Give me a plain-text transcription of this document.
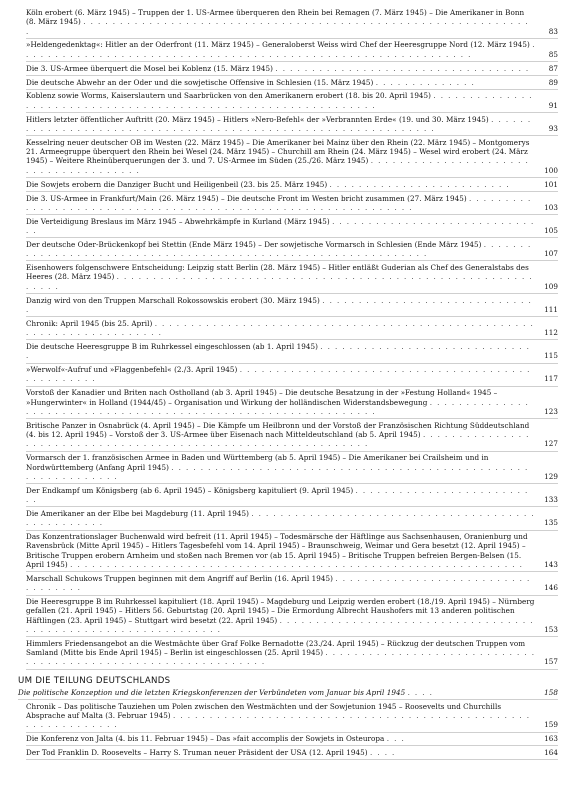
Köln erobert (6. März 1945) – Truppen der 1. US-Armee überqueren den Rhein bei Remagen (7. März 1945) – Die Amerikaner in Bonn (8. März 1945) . . . . . . . . . . . . . . . . . . . . . . . . . . . . . . . . . . . . . . . . . . . . . . . . . . . . . . . . . . . . . .	83
»Heldengedenktag«: Hitler an der Oderfront (11. März 1945) – Generaloberst Weiss wird Chef der Heeresgruppe Nord (12. März 1945) . . . . . . . . . . . . . . . . . . . . . . . . . . . . . . . . . . . . . . . . . . . . . . . . . . . . . . . . . . . . . .	85
Die 3. US-Armee überquert die Mosel bei Koblenz (15. März 1945) . . . . . . . . . . . . . . . . . . . . . . . . . . . . . . . . . . .	87
Die deutsche Abwehr an der Oder und die sowjetische Offensive in Schlesien (15. März 1945) . . . . . . . . . . . . . .	89
Koblenz sowie Worms, Kaiserslautern und Saarbrücken von den Amerikanern erobert (18. bis 20. April 1945) . . . . . . . . . . . . . . . . . . . . . . . . . . . . . . . . . . . . . . . . . . . . . . . . . . . . . . . . . . . . . .	91
Hitlers letzter öffentlicher Auftritt (20. März 1945) – Hitlers »Nero-Befehl« der »Verbrannten Erde« (19. und 30. März 1945) . . . . . . . . . . . . . . . . . . . . . . . . . . . . . . . . . . . . . . . . . . . . . . . . . . . . . . . . . . . . . .	93
Kesselring neuer deutscher OB im Westen (22. März 1945) – Die Amerikaner bei Mainz über den Rhein (22. März 1945) – Montgomerys 21. Armeegruppe überquert den Rhein bei Wesel (24. März 1945) – Churchill am Rhein (24. März 1945) – Wesel wird erobert (24. März 1945) – Weitere Rheinüberquerungen der 3. und 7. US-Armee im Süden (25./26. März 1945) . . . . . . . . . . . . . . . . . . . . . . . . . . . . . . . . . . . . . .	100
Die Sowjets erobern die Danziger Bucht und Heiligenbeil (23. bis 25. März 1945) . . . . . . . . . . . . . . . . . . . . . . . . .	101
Die 3. US-Armee in Frankfurt/Main (26. März 1945) – Die deutsche Front im Westen bricht zusammen (27. März 1945) . . . . . . . . . . . . . . . . . . . . . . . . . . . . . . . . . . . . . . . . . . . . . . . . . . . . . . . . . . . . . .	103
Die Verteidigung Breslaus im März 1945 – Abwehrkämpfe in Kurland (März 1945) . . . . . . . . . . . . . . . . . . . . . . . . . . . . . .	105
Der deutsche Oder-Brückenkopf bei Stettin (Ende März 1945) – Der sowjetische Vormarsch in Schlesien (Ende März 1945) . . . . . . . . . . . . . . . . . . . . . . . . . . . . . . . . . . . . . . . . . . . . . . . . . . . . . . . . . . . . . .	107
Eisenhowers folgenschwere Entscheidung: Leipzig statt Berlin (28. März 1945) – Hitler entläßt Guderian als Chef des Generalstabs des Heeres (28. März 1945) . . . . . . . . . . . . . . . . . . . . . . . . . . . . . . . . . . . . . . . . . . . . . . . . . . . . . . . . . . . . . .	109
Danzig wird von den Truppen Marschall Rokossowskis erobert (30. März 1945) . . . . . . . . . . . . . . . . . . . . . . . . . . . . . .	111
Chronik: April 1945 (bis 25. April) . . . . . . . . . . . . . . . . . . . . . . . . . . . . . . . . . . . . . . . . . . . . . . . . . . . . . . . . . . . . . . . . . . . . . . .	112
Die deutsche Heeresgruppe B im Ruhrkessel eingeschlossen (ab 1. April 1945) . . . . . . . . . . . . . . . . . . . . . . . . . . . . . .	115
»Werwolf«-Aufruf und »Flaggenbefehl« (2./3. April 1945) . . . . . . . . . . . . . . . . . . . . . . . . . . . . . . . . . . . . . . . . . . . . . . . . . .	117
Vorstoß der Kanadier und Briten nach Ostholland (ab 3. April 1945) – Die deutsche Besatzung in der »Festung Holland« 1945 – »Hungerwinter« in Holland (1944/45) – Organisation und Wirkung der holländischen Widerstandsbewegung . . . . . . . . . . . . . . . . . . . . . . . . . . . . . . . . . . . . . . . . . . . . . . . . . . . . . . . . . . . . . .	123
Britische Panzer in Osnabrück (4. April 1945) – Die Kämpfe um Heilbronn und der Vorstoß der Französischen Richtung Süddeutschland (4. bis 12. April 1945) – Vorstoß der 3. US-Armee über Eisenach nach Mitteldeutschland (ab 5. April 1945) . . . . . . . . . . . . . . . . . . . . . . . . . . . . . . . . . . . . . . . . . . . . . . . . . . . . . . . . . . . . . .	127
Vormarsch der 1. französischen Armee in Baden und Württemberg (ab 5. April 1945) – Die Amerikaner bei Crailsheim und in Nordwürttemberg (Anfang April 1945) . . . . . . . . . . . . . . . . . . . . . . . . . . . . . . . . . . . . . . . . . . . . . . . . . . . . . . . . . . . . . .	129
Der Endkampf um Königsberg (ab 6. April 1945) – Königsberg kapituliert (9. April 1945) . . . . . . . . . . . . . . . . . . . . . . . . . .	133
Die Amerikaner an der Elbe bei Magdeburg (11. April 1945) . . . . . . . . . . . . . . . . . . . . . . . . . . . . . . . . . . . . . . . . . . . . . . . . . .	135
Das Konzentrationslager Buchenwald wird befreit (11. April 1945) – Todesmärsche der Häftlinge aus Sachsenhausen, Oranienburg und Ravensbrück (Mitte April 1945) – Hitlers Tagesbefehl vom 14. April 1945) – Braunschweig, Weimar und Gera besetzt (12. April 1945) – Britische Truppen erobern Arnheim und stoßen nach Bremen vor (ab 15. April 1945) – Britische Truppen befreien Bergen-Belsen (15. April 1945) . . . . . . . . . . . . . . . . . . . . . . . . . . . . . . . . . . . . . . . . . . . . . . . . . . . . . . . . . . . . . .	143
Marschall Schukows Truppen beginnen mit dem Angriff auf Berlin (16. April 1945) . . . . . . . . . . . . . . . . . . . . . . . . . . . . . . . . . . .	146
Die Heeresgruppe B im Ruhrkessel kapituliert (18. April 1945) – Magdeburg und Leipzig werden erobert (18./19. April 1945) – Nürnberg gefallen (21. April 1945) – Hitlers 56. Geburtstag (20. April 1945) – Die Ermordung Albrecht Haushofers mit 13 anderen politischen Häftlingen (23. April 1945) – Stuttgart wird besetzt (22. April 1945) . . . . . . . . . . . . . . . . . . . . . . . . . . . . . . . . . . . . . . . . . . . . . . . . . . . . . . . . . . . . . .	153
Himmlers Friedensangebot an die Westmächte über Graf Folke Bernadotte (23./24. April 1945) – Rückzug der deutschen Truppen vom Samland (Mitte bis Ende April 1945) – Berlin ist eingeschlossen (25. April 1945) . . . . . . . . . . . . . . . . . . . . . . . . . . . . . . . . . . . . . . . . . . . . . . . . . . . . . . . . . . . . . .	157
UM DIE TEILUNG DEUTSCHLANDS
Die politische Konzeption und die letzten Kriegskonferenzen der Verbündeten vom Januar bis April 1945 . . . .	158
Chronik – Das politische Tauziehen um Polen zwischen den Westmächten und der Sowjetunion 1945 – Roosevelts und Churchills Absprache auf Malta (3. Februar 1945) . . . . . . . . . . . . . . . . . . . . . . . . . . . . . . . . . . . . . . . . . . . . . . . . . . . . . . . . . . . . . .	159
Die Konferenz von Jalta (4. bis 11. Februar 1945) – Das »fait accomplis der Sowjets in Osteuropa . . .	163
Der Tod Franklin D. Roosevelts – Harry S. Truman neuer Präsident der USA (12. April 1945) . . . .	164
